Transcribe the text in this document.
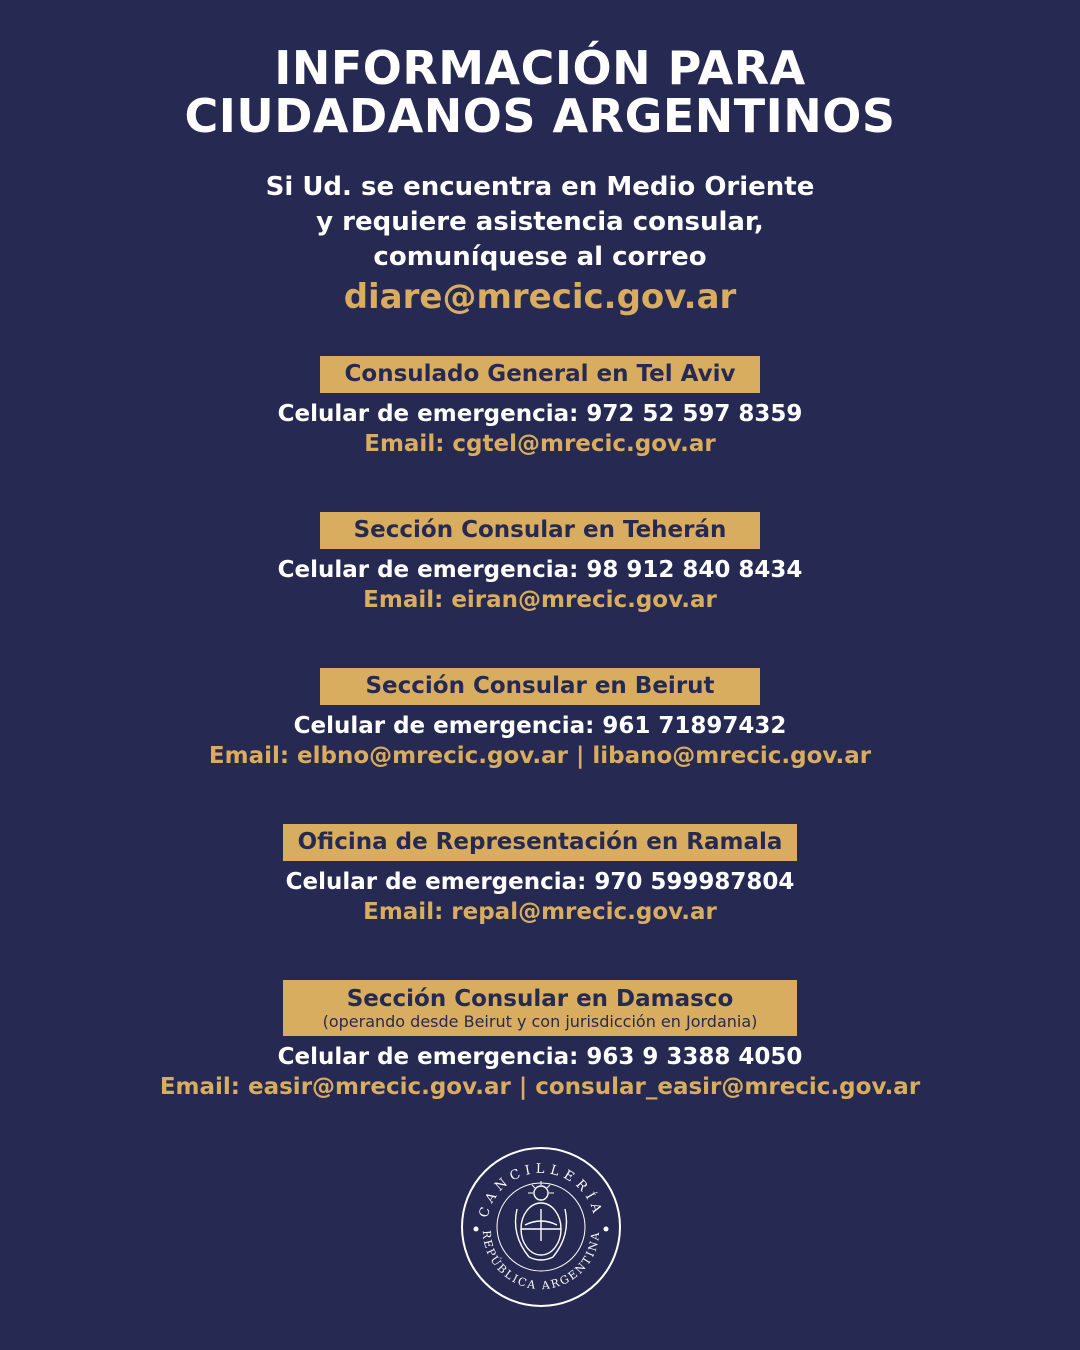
INFORMACIÓN PARA
CIUDADANOS ARGENTINOS
Si Ud. se encuentra en Medio Oriente
y requiere asistencia consular,
comuníquese al correo
diare@mrecic.gov.ar
Consulado General en Tel Aviv
Celular de emergencia: 972 52 597 8359
Email: cgtel@mrecic.gov.ar
Sección Consular en Teherán
Celular de emergencia: 98 912 840 8434
Email: eiran@mrecic.gov.ar
Sección Consular en Beirut
Celular de emergencia: 961 71897432
Email: elbno@mrecic.gov.ar | libano@mrecic.gov.ar
Oficina de Representación en Ramala
Celular de emergencia: 970 599987804
Email: repal@mrecic.gov.ar
Sección Consular en Damasco
(operando desde Beirut y con jurisdicción en Jordania)
Celular de emergencia: 963 9 3388 4050
Email: easir@mrecic.gov.ar | consular_easir@mrecic.gov.ar
CANCILLERÍA
REPÚBLICA ARGENTINA
